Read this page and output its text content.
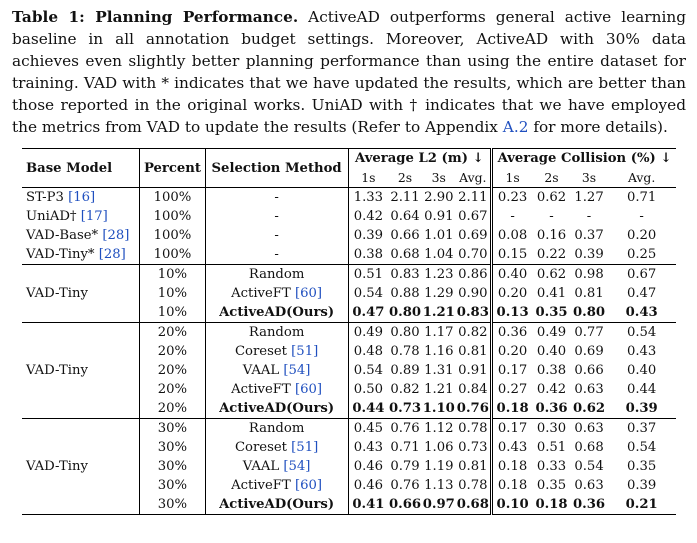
Table 1: Planning Performance. ActiveAD outperforms general active learning baseline in all annotation budget settings. Moreover, ActiveAD with 30% data achieves even slightly better planning performance than using the entire dataset for training. VAD with * indicates that we have updated the results, which are better than those reported in the original works. UniAD with † indicates that we have employed the metrics from VAD to update the results (Refer to Appendix A.2 for more details).
Base Model	Percent	Selection Method	Average L2 (m) ↓				Average Collision (%) ↓			
			1s	2s	3s	Avg.	1s	2s	3s	Avg.
ST-P3 [16]	100%	-	1.33	2.11	2.90	2.11	0.23	0.62	1.27	0.71
UniAD† [17]	100%	-	0.42	0.64	0.91	0.67	-	-	-	-
VAD-Base* [28]	100%	-	0.39	0.66	1.01	0.69	0.08	0.16	0.37	0.20
VAD-Tiny* [28]	100%	-	0.38	0.68	1.04	0.70	0.15	0.22	0.39	0.25
VAD-Tiny	10%	Random	0.51	0.83	1.23	0.86	0.40	0.62	0.98	0.67
	10%	ActiveFT [60]	0.54	0.88	1.29	0.90	0.20	0.41	0.81	0.47
	10%	ActiveAD(Ours)	0.47	0.80	1.21	0.83	0.13	0.35	0.80	0.43
VAD-Tiny	20%	Random	0.49	0.80	1.17	0.82	0.36	0.49	0.77	0.54
	20%	Coreset [51]	0.48	0.78	1.16	0.81	0.20	0.40	0.69	0.43
	20%	VAAL [54]	0.54	0.89	1.31	0.91	0.17	0.38	0.66	0.40
	20%	ActiveFT [60]	0.50	0.82	1.21	0.84	0.27	0.42	0.63	0.44
	20%	ActiveAD(Ours)	0.44	0.73	1.10	0.76	0.18	0.36	0.62	0.39
VAD-Tiny	30%	Random	0.45	0.76	1.12	0.78	0.17	0.30	0.63	0.37
	30%	Coreset [51]	0.43	0.71	1.06	0.73	0.43	0.51	0.68	0.54
	30%	VAAL [54]	0.46	0.79	1.19	0.81	0.18	0.33	0.54	0.35
	30%	ActiveFT [60]	0.46	0.76	1.13	0.78	0.18	0.35	0.63	0.39
	30%	ActiveAD(Ours)	0.41	0.66	0.97	0.68	0.10	0.18	0.36	0.21
